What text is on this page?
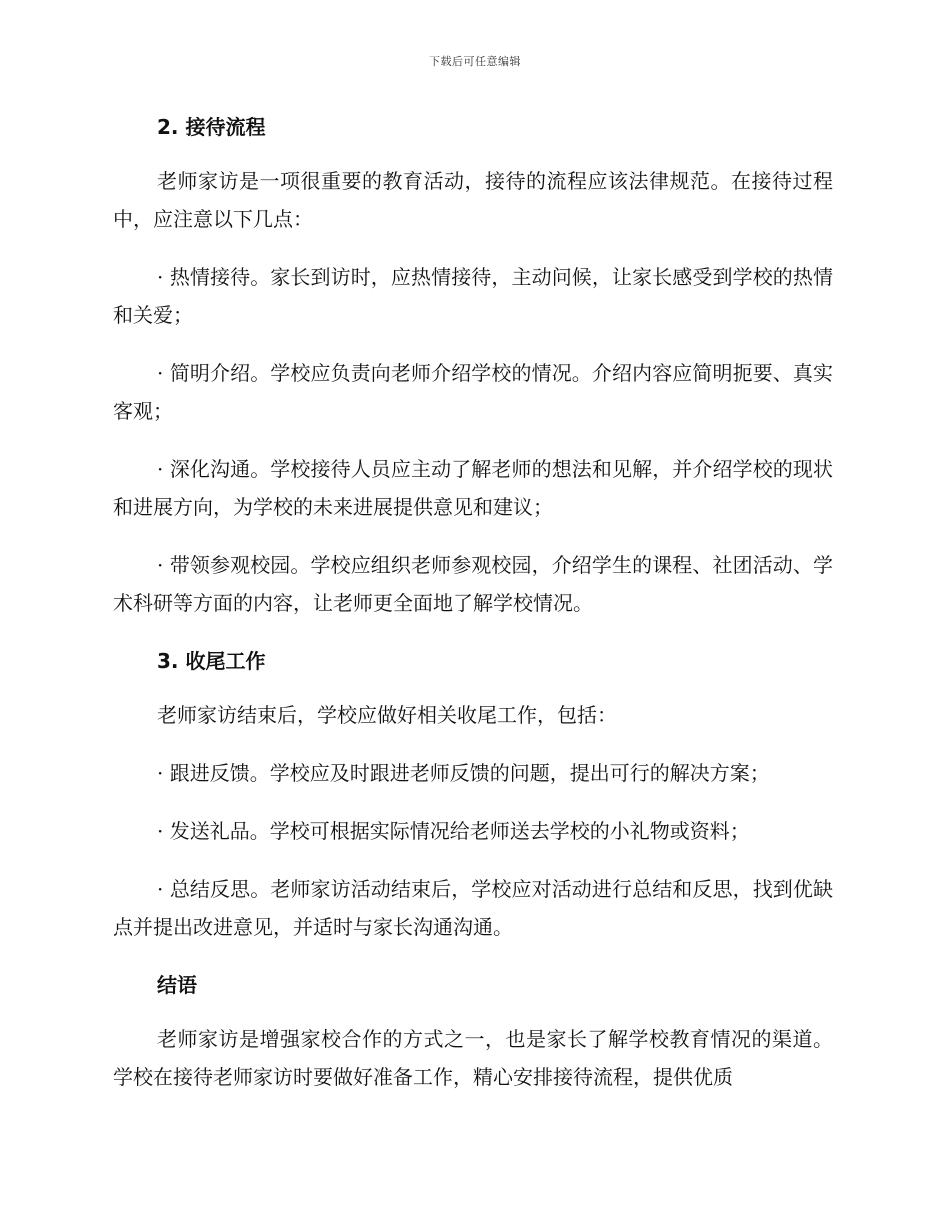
下载后可任意编辑
2. 接待流程

老师家访是一项很重要的教育活动，接待的流程应该法律规范。在接待过程中，应注意以下几点：

· 热情接待。家长到访时，应热情接待，主动问候，让家长感受到学校的热情和关爱；

· 简明介绍。学校应负责向老师介绍学校的情况。介绍内容应简明扼要、真实客观；

· 深化沟通。学校接待人员应主动了解老师的想法和见解，并介绍学校的现状和进展方向，为学校的未来进展提供意见和建议；

· 带领参观校园。学校应组织老师参观校园，介绍学生的课程、社团活动、学术科研等方面的内容，让老师更全面地了解学校情况。

3. 收尾工作

老师家访结束后，学校应做好相关收尾工作，包括：

· 跟进反馈。学校应及时跟进老师反馈的问题，提出可行的解决方案；

· 发送礼品。学校可根据实际情况给老师送去学校的小礼物或资料；

· 总结反思。老师家访活动结束后，学校应对活动进行总结和反思，找到优缺点并提出改进意见，并适时与家长沟通沟通。

结语

老师家访是增强家校合作的方式之一，也是家长了解学校教育情况的渠道。学校在接待老师家访时要做好准备工作，精心安排接待流程，提供优质
